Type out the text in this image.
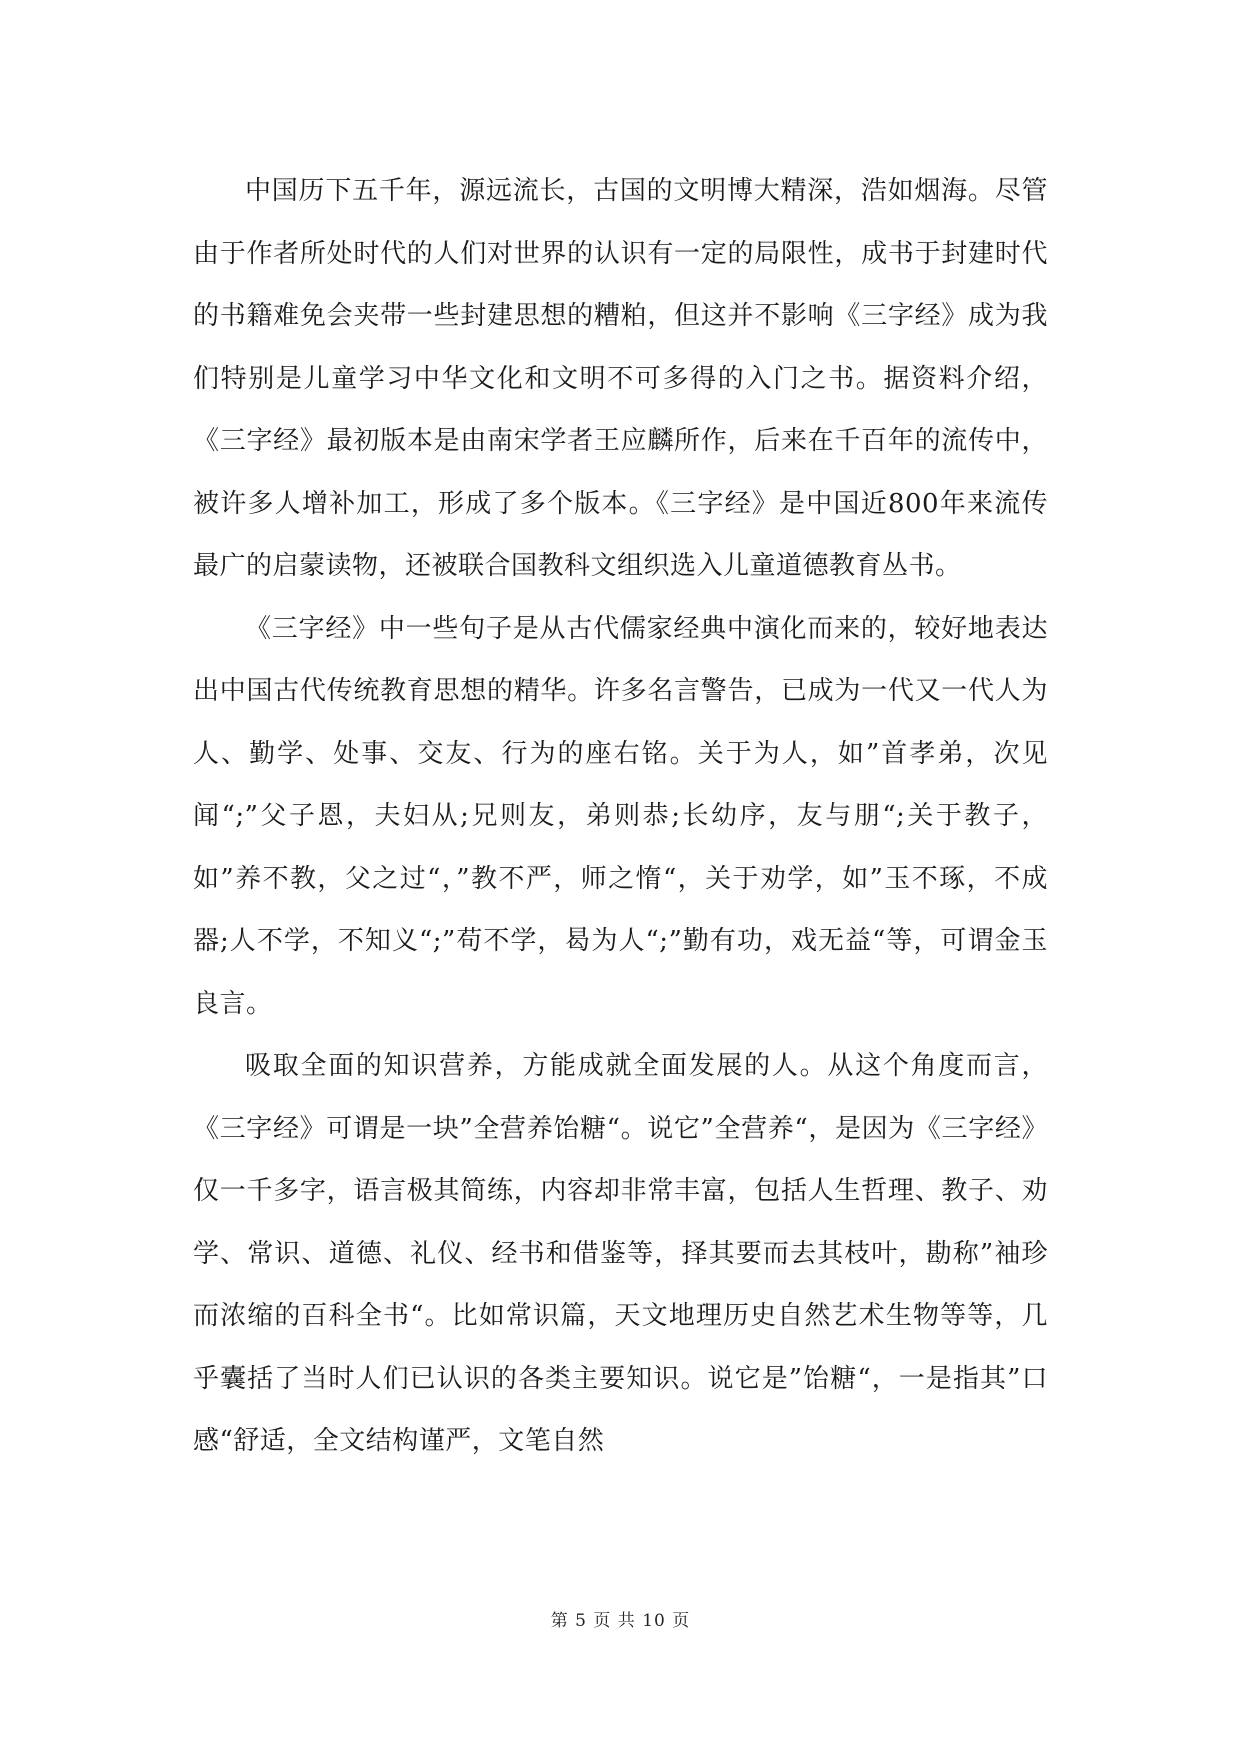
中国历下五千年，源远流长，古国的文明博大精深，浩如烟海。尽管由于作者所处时代的人们对世界的认识有一定的局限性，成书于封建时代的书籍难免会夹带一些封建思想的糟粕，但这并不影响《三字经》成为我们特别是儿童学习中华文化和文明不可多得的入门之书。据资料介绍，《三字经》最初版本是由南宋学者王应麟所作，后来在千百年的流传中，被许多人增补加工，形成了多个版本。《三字经》是中国近800年来流传最广的启蒙读物，还被联合国教科文组织选入儿童道德教育丛书。

《三字经》中一些句子是从古代儒家经典中演化而来的，较好地表达出中国古代传统教育思想的精华。许多名言警告，已成为一代又一代人为人、勤学、处事、交友、行为的座右铭。关于为人，如”首孝弟，次见闻“;”父子恩，夫妇从;兄则友，弟则恭;长幼序，友与朋“;关于教子，如”养不教，父之过“，”教不严，师之惰“，关于劝学，如”玉不琢，不成器;人不学，不知义“;”苟不学，曷为人“;”勤有功，戏无益“等，可谓金玉良言。

吸取全面的知识营养，方能成就全面发展的人。从这个角度而言，《三字经》可谓是一块”全营养饴糖“。说它”全营养“，是因为《三字经》仅一千多字，语言极其简练，内容却非常丰富，包括人生哲理、教子、劝学、常识、道德、礼仪、经书和借鉴等，择其要而去其枝叶，勘称”袖珍而浓缩的百科全书“。比如常识篇，天文地理历史自然艺术生物等等，几乎囊括了当时人们已认识的各类主要知识。说它是”饴糖“，一是指其”口感“舒适，全文结构谨严，文笔自然

第 5 页 共 10 页
